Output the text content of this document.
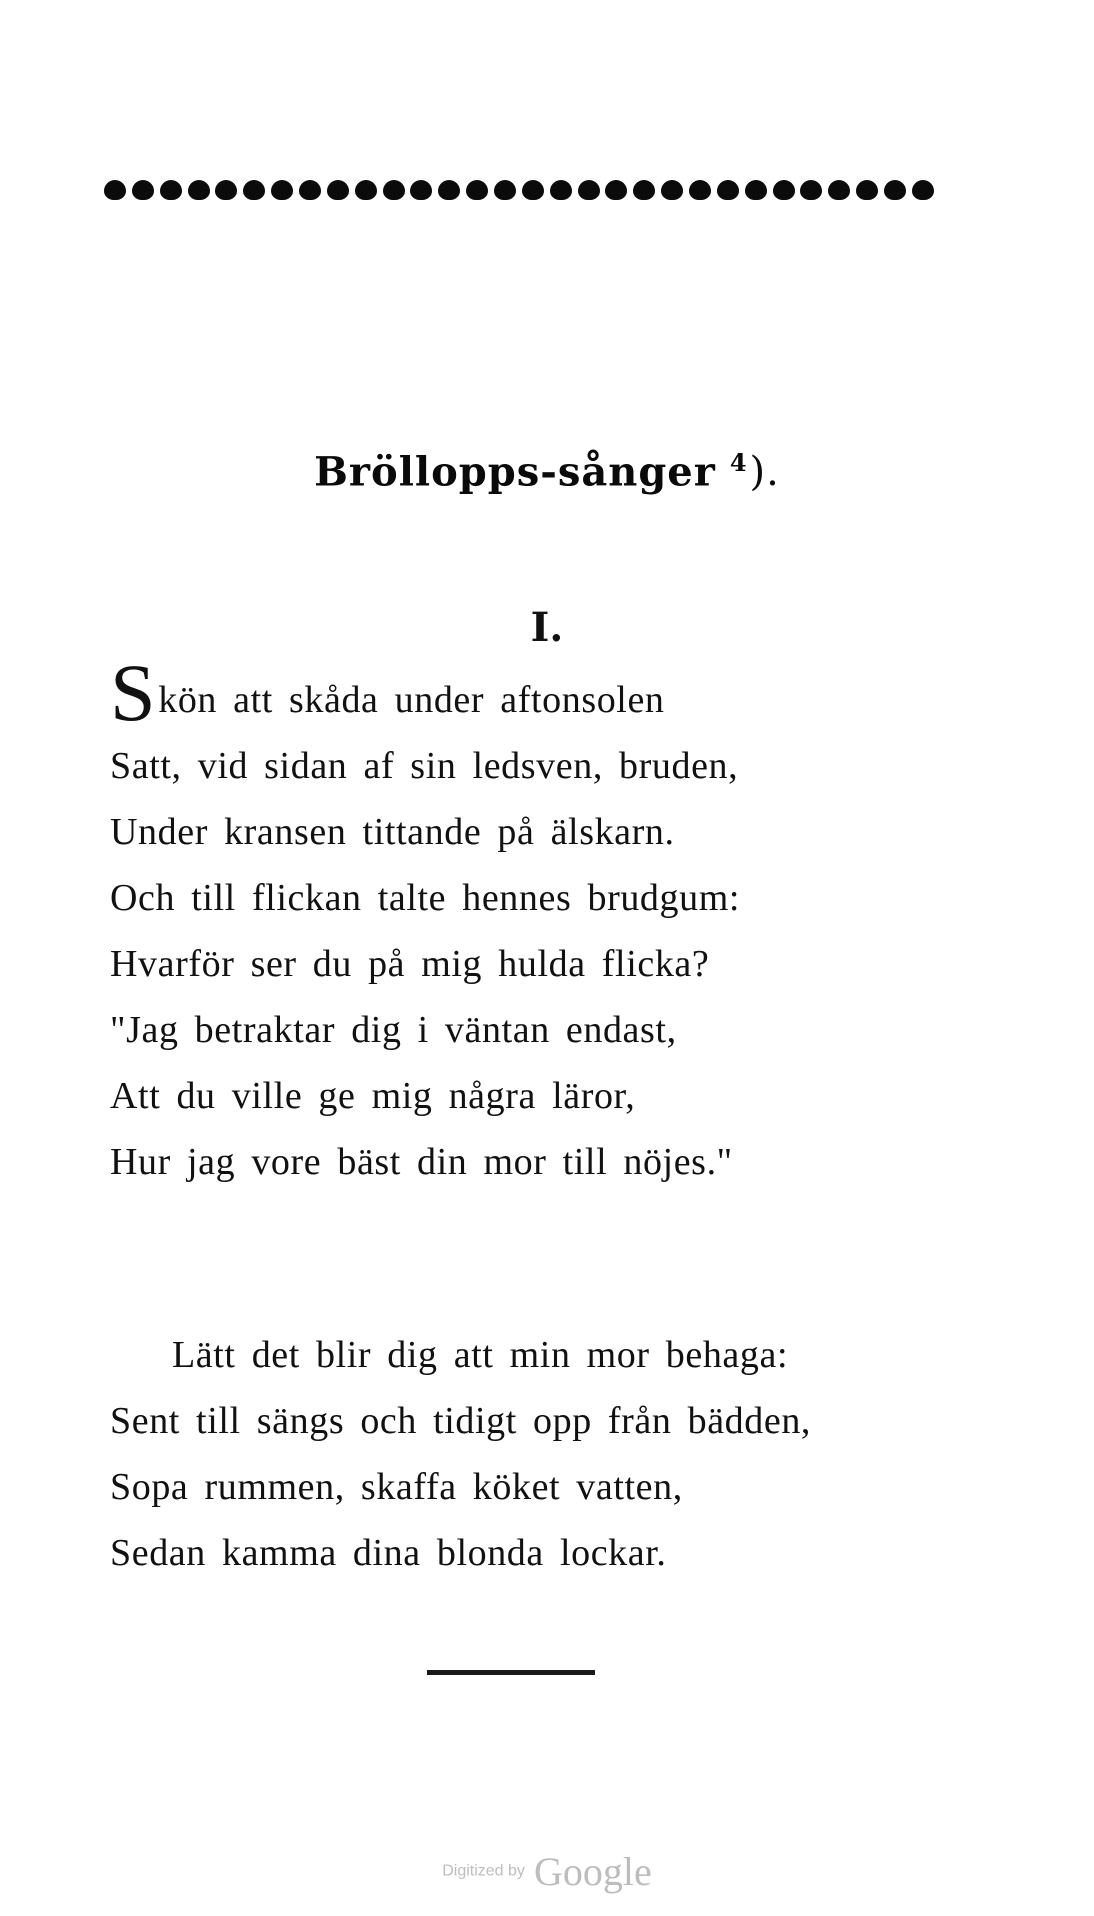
Bröllopps-sånger $^4$).
I.
Skön att skåda under aftonsolen
Satt, vid sidan af sin ledsven, bruden,
Under kransen tittande på älskarn.
Och till flickan talte hennes brudgum:
Hvarför ser du på mig hulda flicka?
"Jag betraktar dig i väntan endast,
Att du ville ge mig några läror,
Hur jag vore bäst din mor till nöjes."
Lätt det blir dig att min mor behaga:
Sent till sängs och tidigt opp från bädden,
Sopa rummen, skaffa köket vatten,
Sedan kamma dina blonda lockar.
Digitized by Google
